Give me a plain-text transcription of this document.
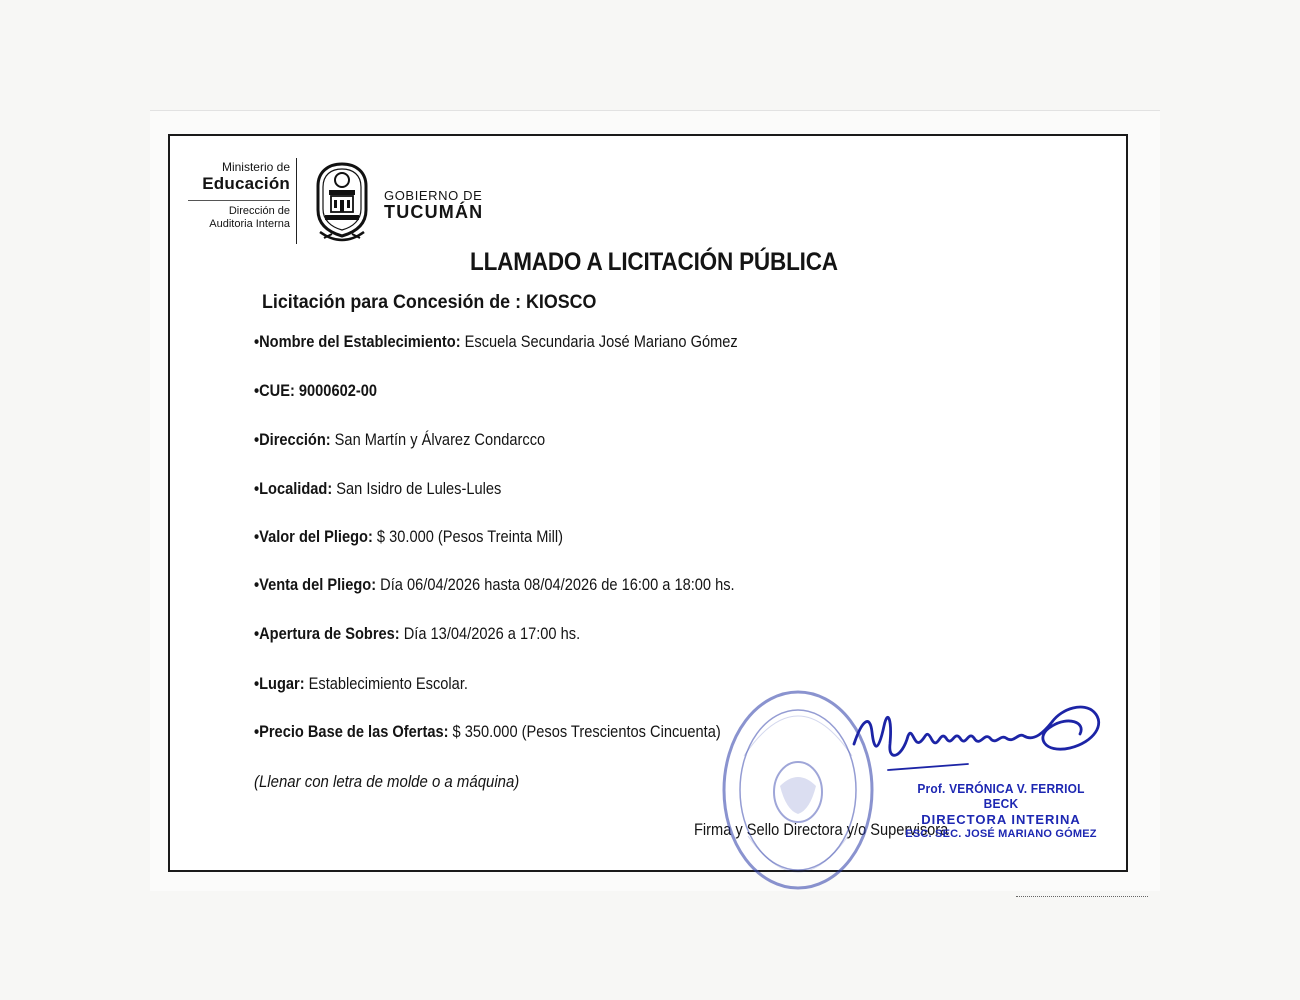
Ministerio de
Educación
Dirección de
Auditoria Interna
GOBIERNO DE
TUCUMÁN
LLAMADO A LICITACIÓN PÚBLICA
Licitación para Concesión de : KIOSCO
•Nombre del Establecimiento: Escuela Secundaria José Mariano Gómez
•CUE: 9000602-00
•Dirección: San Martín y Álvarez Condarcco
•Localidad: San Isidro de Lules-Lules
•Valor del Pliego: $ 30.000 (Pesos Treinta Mill)
•Venta del Pliego: Día 06/04/2026 hasta 08/04/2026 de 16:00 a 18:00 hs.
•Apertura de Sobres: Día 13/04/2026 a 17:00 hs.
•Lugar: Establecimiento Escolar.
•Precio Base de las Ofertas: $ 350.000 (Pesos Trescientos Cincuenta)
(Llenar con letra de molde o a máquina)
Firma y Sello Directora y/o Supervisora
Prof. VERÓNICA V. FERRIOL BECK
DIRECTORA INTERINA
ESC. SEC. JOSÉ MARIANO GÓMEZ
